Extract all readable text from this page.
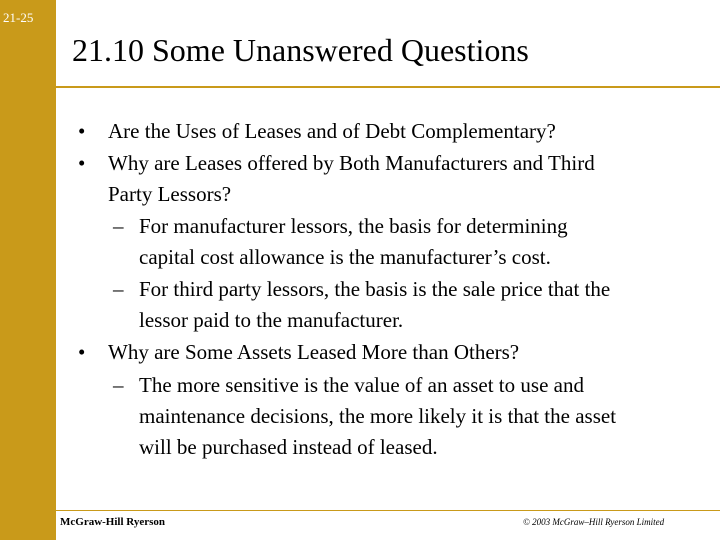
21-25
21.10 Some Unanswered Questions
• Are the Uses of Leases and of Debt Complementary?
• Why are Leases offered by Both Manufacturers and Third
Party Lessors?
– For manufacturer lessors, the basis for determining
capital cost allowance is the manufacturer’s cost.
– For third party lessors, the basis is the sale price that the
lessor paid to the manufacturer.
• Why are Some Assets Leased More than Others?
– The more sensitive is the value of an asset to use and
maintenance decisions, the more likely it is that the asset
will be purchased instead of leased.
McGraw-Hill Ryerson	© 2003 McGraw–Hill Ryerson Limited
